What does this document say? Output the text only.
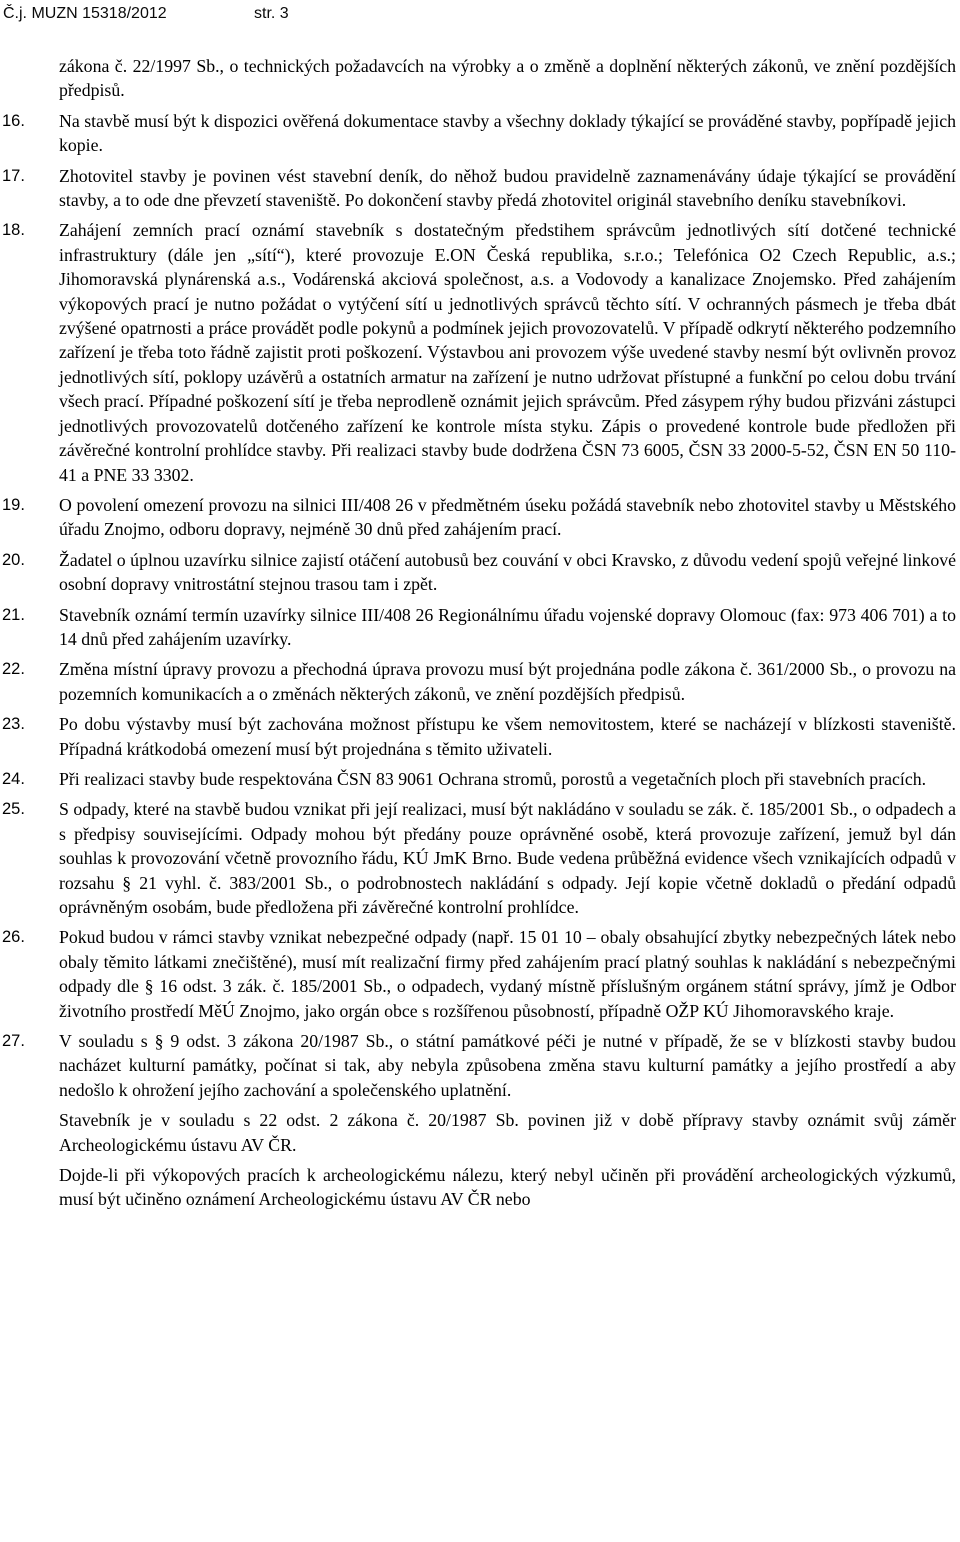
Č.j. MUZN 15318/2012	str. 3
zákona č. 22/1997 Sb., o technických požadavcích na výrobky a o změně a doplnění některých zákonů, ve znění pozdějších předpisů.
16. Na stavbě musí být k dispozici ověřená dokumentace stavby a všechny doklady týkající se prováděné stavby, popřípadě jejich kopie.
17. Zhotovitel stavby je povinen vést stavební deník, do něhož budou pravidelně zaznamenávány údaje týkající se provádění stavby, a to ode dne převzetí staveniště. Po dokončení stavby předá zhotovitel originál stavebního deníku stavebníkovi.
18. Zahájení zemních prací oznámí stavebník s dostatečným předstihem správcům jednotlivých sítí dotčené technické infrastruktury (dále jen „sítí“), které provozuje E.ON Česká republika, s.r.o.; Telefónica O2 Czech Republic, a.s.; Jihomoravská plynárenská a.s., Vodárenská akciová společnost, a.s. a Vodovody a kanalizace Znojemsko. Před zahájením výkopových prací je nutno požádat o vytýčení sítí u jednotlivých správců těchto sítí. V ochranných pásmech je třeba dbát zvýšené opatrnosti a práce provádět podle pokynů a podmínek jejich provozovatelů. V případě odkrytí některého podzemního zařízení je třeba toto řádně zajistit proti poškození. Výstavbou ani provozem výše uvedené stavby nesmí být ovlivněn provoz jednotlivých sítí, poklopy uzávěrů a ostatních armatur na zařízení je nutno udržovat přístupné a funkční po celou dobu trvání všech prací. Případné poškození sítí je třeba neprodleně oznámit jejich správcům. Před zásypem rýhy budou přizváni zástupci jednotlivých provozovatelů dotčeného zařízení ke kontrole místa styku. Zápis o provedené kontrole bude předložen při závěrečné kontrolní prohlídce stavby. Při realizaci stavby bude dodržena ČSN 73 6005, ČSN 33 2000-5-52, ČSN EN 50 110-41 a PNE 33 3302.
19. O povolení omezení provozu na silnici III/408 26 v předmětném úseku požádá stavebník nebo zhotovitel stavby u Městského úřadu Znojmo, odboru dopravy, nejméně 30 dnů před zahájením prací.
20. Žadatel o úplnou uzavírku silnice zajistí otáčení autobusů bez couvání v obci Kravsko, z důvodu vedení spojů veřejné linkové osobní dopravy vnitrostátní stejnou trasou tam i zpět.
21. Stavebník oznámí termín uzavírky silnice III/408 26 Regionálnímu úřadu vojenské dopravy Olomouc (fax: 973 406 701) a to 14 dnů před zahájením uzavírky.
22. Změna místní úpravy provozu a přechodná úprava provozu musí být projednána podle zákona č. 361/2000 Sb., o provozu na pozemních komunikacích a o změnách některých zákonů, ve znění pozdějších předpisů.
23. Po dobu výstavby musí být zachována možnost přístupu ke všem nemovitostem, které se nacházejí v blízkosti staveniště. Případná krátkodobá omezení musí být projednána s těmito uživateli.
24. Při realizaci stavby bude respektována ČSN 83 9061 Ochrana stromů, porostů a vegetačních ploch při stavebních pracích.
25. S odpady, které na stavbě budou vznikat při její realizaci, musí být nakládáno v souladu se zák. č. 185/2001 Sb., o odpadech a s předpisy souvisejícími. Odpady mohou být předány pouze oprávněné osobě, která provozuje zařízení, jemuž byl dán souhlas k provozování včetně provozního řádu, KÚ JmK Brno. Bude vedena průběžná evidence všech vznikajících odpadů v rozsahu § 21 vyhl. č. 383/2001 Sb., o podrobnostech nakládání s odpady. Její kopie včetně dokladů o předání odpadů oprávněným osobám, bude předložena při závěrečné kontrolní prohlídce.
26. Pokud budou v rámci stavby vznikat nebezpečné odpady (např. 15 01 10 – obaly obsahující zbytky nebezpečných látek nebo obaly těmito látkami znečištěné), musí mít realizační firmy před zahájením prací platný souhlas k nakládání s nebezpečnými odpady dle § 16 odst. 3 zák. č. 185/2001 Sb., o odpadech, vydaný místně příslušným orgánem státní správy, jímž je Odbor životního prostředí MěÚ Znojmo, jako orgán obce s rozšířenou působností, případně OŽP KÚ Jihomoravského kraje.
27. V souladu s § 9 odst. 3 zákona 20/1987 Sb., o státní památkové péči je nutné v případě, že se v blízkosti stavby budou nacházet kulturní památky, počínat si tak, aby nebyla způsobena změna stavu kulturní památky a jejího prostředí a aby nedošlo k ohrožení jejího zachování a společenského uplatnění.
Stavebník je v souladu s 22 odst. 2 zákona č. 20/1987 Sb. povinen již v době přípravy stavby oznámit svůj záměr Archeologickému ústavu AV ČR.
Dojde-li při výkopových pracích k archeologickému nálezu, který nebyl učiněn při provádění archeologických výzkumů, musí být učiněno oznámení Archeologickému ústavu AV ČR nebo
